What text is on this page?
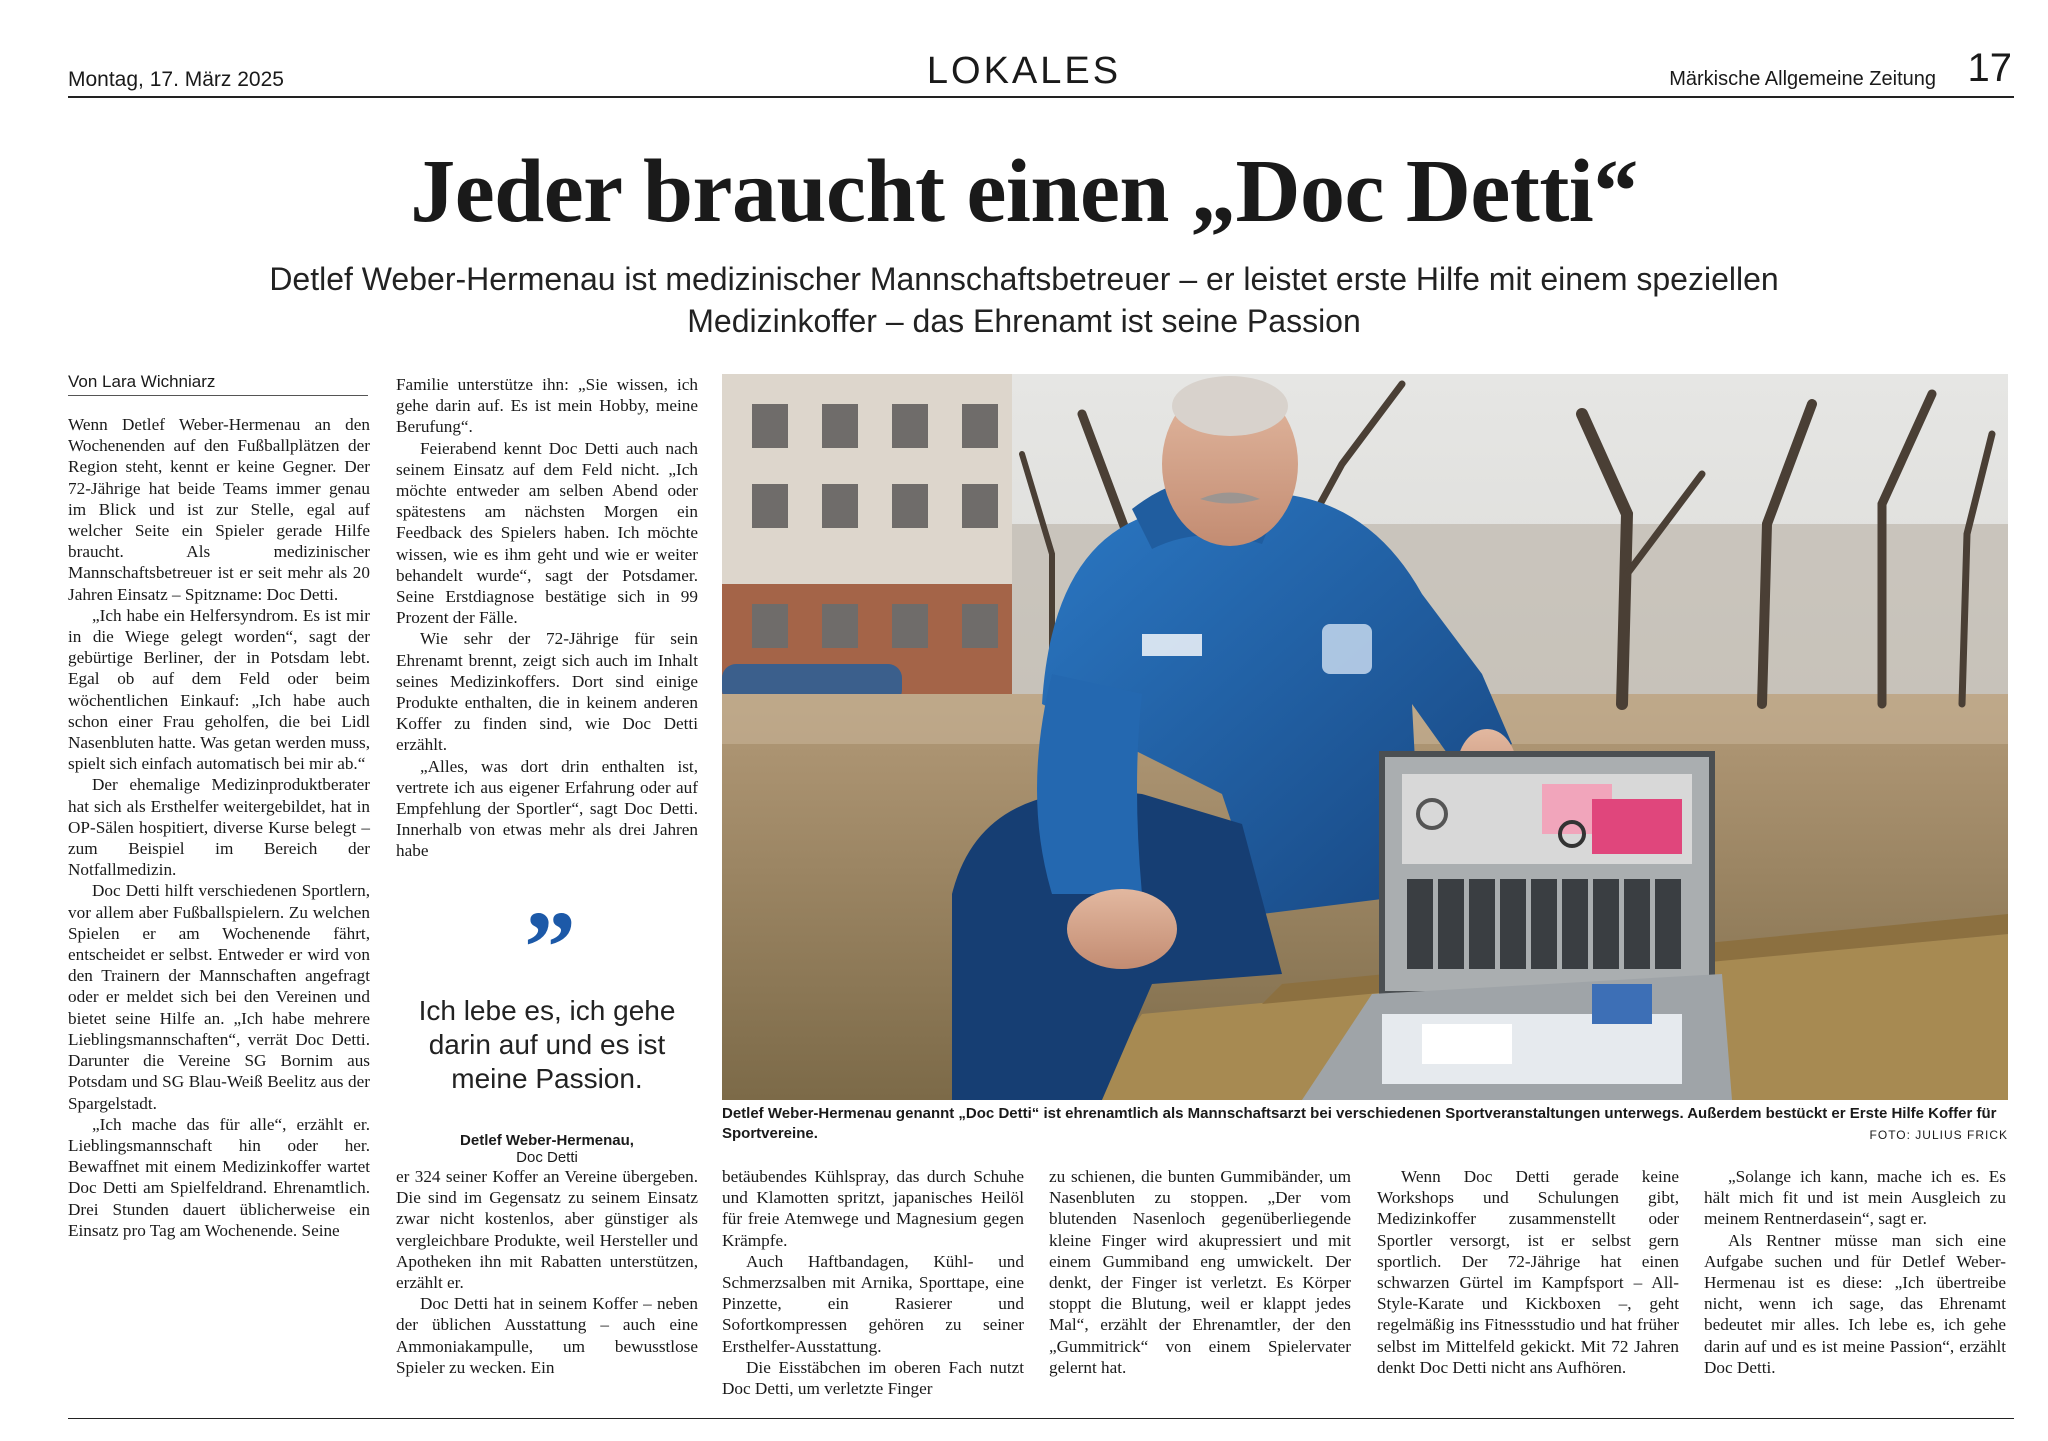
Montag, 17. März 2025	LOKALES	Märkische Allgemeine Zeitung 17
Jeder braucht einen „Doc Detti“
Detlef Weber-Hermenau ist medizinischer Mannschaftsbetreuer – er leistet erste Hilfe mit einem speziellen Medizinkoffer – das Ehrenamt ist seine Passion
Von Lara Wichniarz

Wenn Detlef Weber-Hermenau an den Wochenenden auf den Fußballplätzen der Region steht, kennt er keine Gegner. Der 72-Jährige hat beide Teams immer genau im Blick und ist zur Stelle, egal auf welcher Seite ein Spieler gerade Hilfe braucht. Als medizinischer Mannschaftsbetreuer ist er seit mehr als 20 Jahren Einsatz – Spitzname: Doc Detti.

„Ich habe ein Helfersyndrom. Es ist mir in die Wiege gelegt worden“, sagt der gebürtige Berliner, der in Potsdam lebt. Egal ob auf dem Feld oder beim wöchentlichen Einkauf: „Ich habe auch schon einer Frau geholfen, die bei Lidl Nasenbluten hatte. Was getan werden muss, spielt sich einfach automatisch bei mir ab.“

Der ehemalige Medizinproduktberater hat sich als Ersthelfer weitergebildet, hat in OP-Sälen hospitiert, diverse Kurse belegt – zum Beispiel im Bereich der Notfallmedizin.

Doc Detti hilft verschiedenen Sportlern, vor allem aber Fußballspielern. Zu welchen Spielen er am Wochenende fährt, entscheidet er selbst. Entweder er wird von den Trainern der Mannschaften angefragt oder er meldet sich bei den Vereinen und bietet seine Hilfe an. „Ich habe mehrere Lieblingsmannschaften“, verrät Doc Detti. Darunter die Vereine SG Bornim aus Potsdam und SG Blau-Weiß Beelitz aus der Spargelstadt.

„Ich mache das für alle“, erzählt er. Lieblingsmannschaft hin oder her. Bewaffnet mit einem Medizinkoffer wartet Doc Detti am Spielfeldrand. Ehrenamtlich. Drei Stunden dauert üblicherweise ein Einsatz pro Tag am Wochenende. Seine

Familie unterstütze ihn: „Sie wissen, ich gehe darin auf. Es ist mein Hobby, meine Berufung“.

Feierabend kennt Doc Detti auch nach seinem Einsatz auf dem Feld nicht. „Ich möchte entweder am selben Abend oder spätestens am nächsten Morgen ein Feedback des Spielers haben. Ich möchte wissen, wie es ihm geht und wie er weiter behandelt wurde“, sagt der Potsdamer. Seine Erstdiagnose bestätige sich in 99 Prozent der Fälle.

Wie sehr der 72-Jährige für sein Ehrenamt brennt, zeigt sich auch im Inhalt seines Medizinkoffers. Dort sind einige Produkte enthalten, die in keinem anderen Koffer zu finden sind, wie Doc Detti erzählt.

„Alles, was dort drin enthalten ist, vertrete ich aus eigener Erfahrung oder auf Empfehlung der Sportler“, sagt Doc Detti. Innerhalb von etwas mehr als drei Jahren habe

”
Ich lebe es, ich gehe darin auf und es ist meine Passion.
Detlef Weber-Hermenau,
Doc Detti
Detlef Weber-Hermenau genannt „Doc Detti“ ist ehrenamtlich als Mannschaftsarzt bei verschiedenen Sportveranstaltungen unterwegs. Außerdem bestückt er Erste Hilfe Koffer für Sportvereine.	FOTO: JULIUS FRICK

er 324 seiner Koffer an Vereine übergeben. Die sind im Gegensatz zu seinem Einsatz zwar nicht kostenlos, aber günstiger als vergleichbare Produkte, weil Hersteller und Apotheken ihn mit Rabatten unterstützen, erzählt er.

Doc Detti hat in seinem Koffer – neben der üblichen Ausstattung – auch eine Ammoniakampulle, um bewusstlose Spieler zu wecken. Ein

betäubendes Kühlspray, das durch Schuhe und Klamotten spritzt, japanisches Heilöl für freie Atemwege und Magnesium gegen Krämpfe.

Auch Haftbandagen, Kühl- und Schmerzsalben mit Arnika, Sporttape, eine Pinzette, ein Rasierer und Sofortkompressen gehören zu seiner Ersthelfer-Ausstattung.

Die Eisstäbchen im oberen Fach nutzt Doc Detti, um verletzte Finger

zu schienen, die bunten Gummibänder, um Nasenbluten zu stoppen. „Der vom blutenden Nasenloch gegenüberliegende kleine Finger wird akupressiert und mit einem Gummiband eng umwickelt. Der denkt, der Finger ist verletzt. Es Körper stoppt die Blutung, weil er klappt jedes Mal“, erzählt der Ehrenamtler, der den „Gummitrick“ von einem Spielervater gelernt hat.

Wenn Doc Detti gerade keine Workshops und Schulungen gibt, Medizinkoffer zusammenstellt oder Sportler versorgt, ist er selbst gern sportlich. Der 72-Jährige hat einen schwarzen Gürtel im Kampfsport – All-Style-Karate und Kickboxen –, geht regelmäßig ins Fitnessstudio und hat früher selbst im Mittelfeld gekickt. Mit 72 Jahren denkt Doc Detti nicht ans Aufhören.

„Solange ich kann, mache ich es. Es hält mich fit und ist mein Ausgleich zu meinem Rentnerdasein“, sagt er.

Als Rentner müsse man sich eine Aufgabe suchen und für Detlef Weber-Hermenau ist es diese: „Ich übertreibe nicht, wenn ich sage, das Ehrenamt bedeutet mir alles. Ich lebe es, ich gehe darin auf und es ist meine Passion“, erzählt Doc Detti.
